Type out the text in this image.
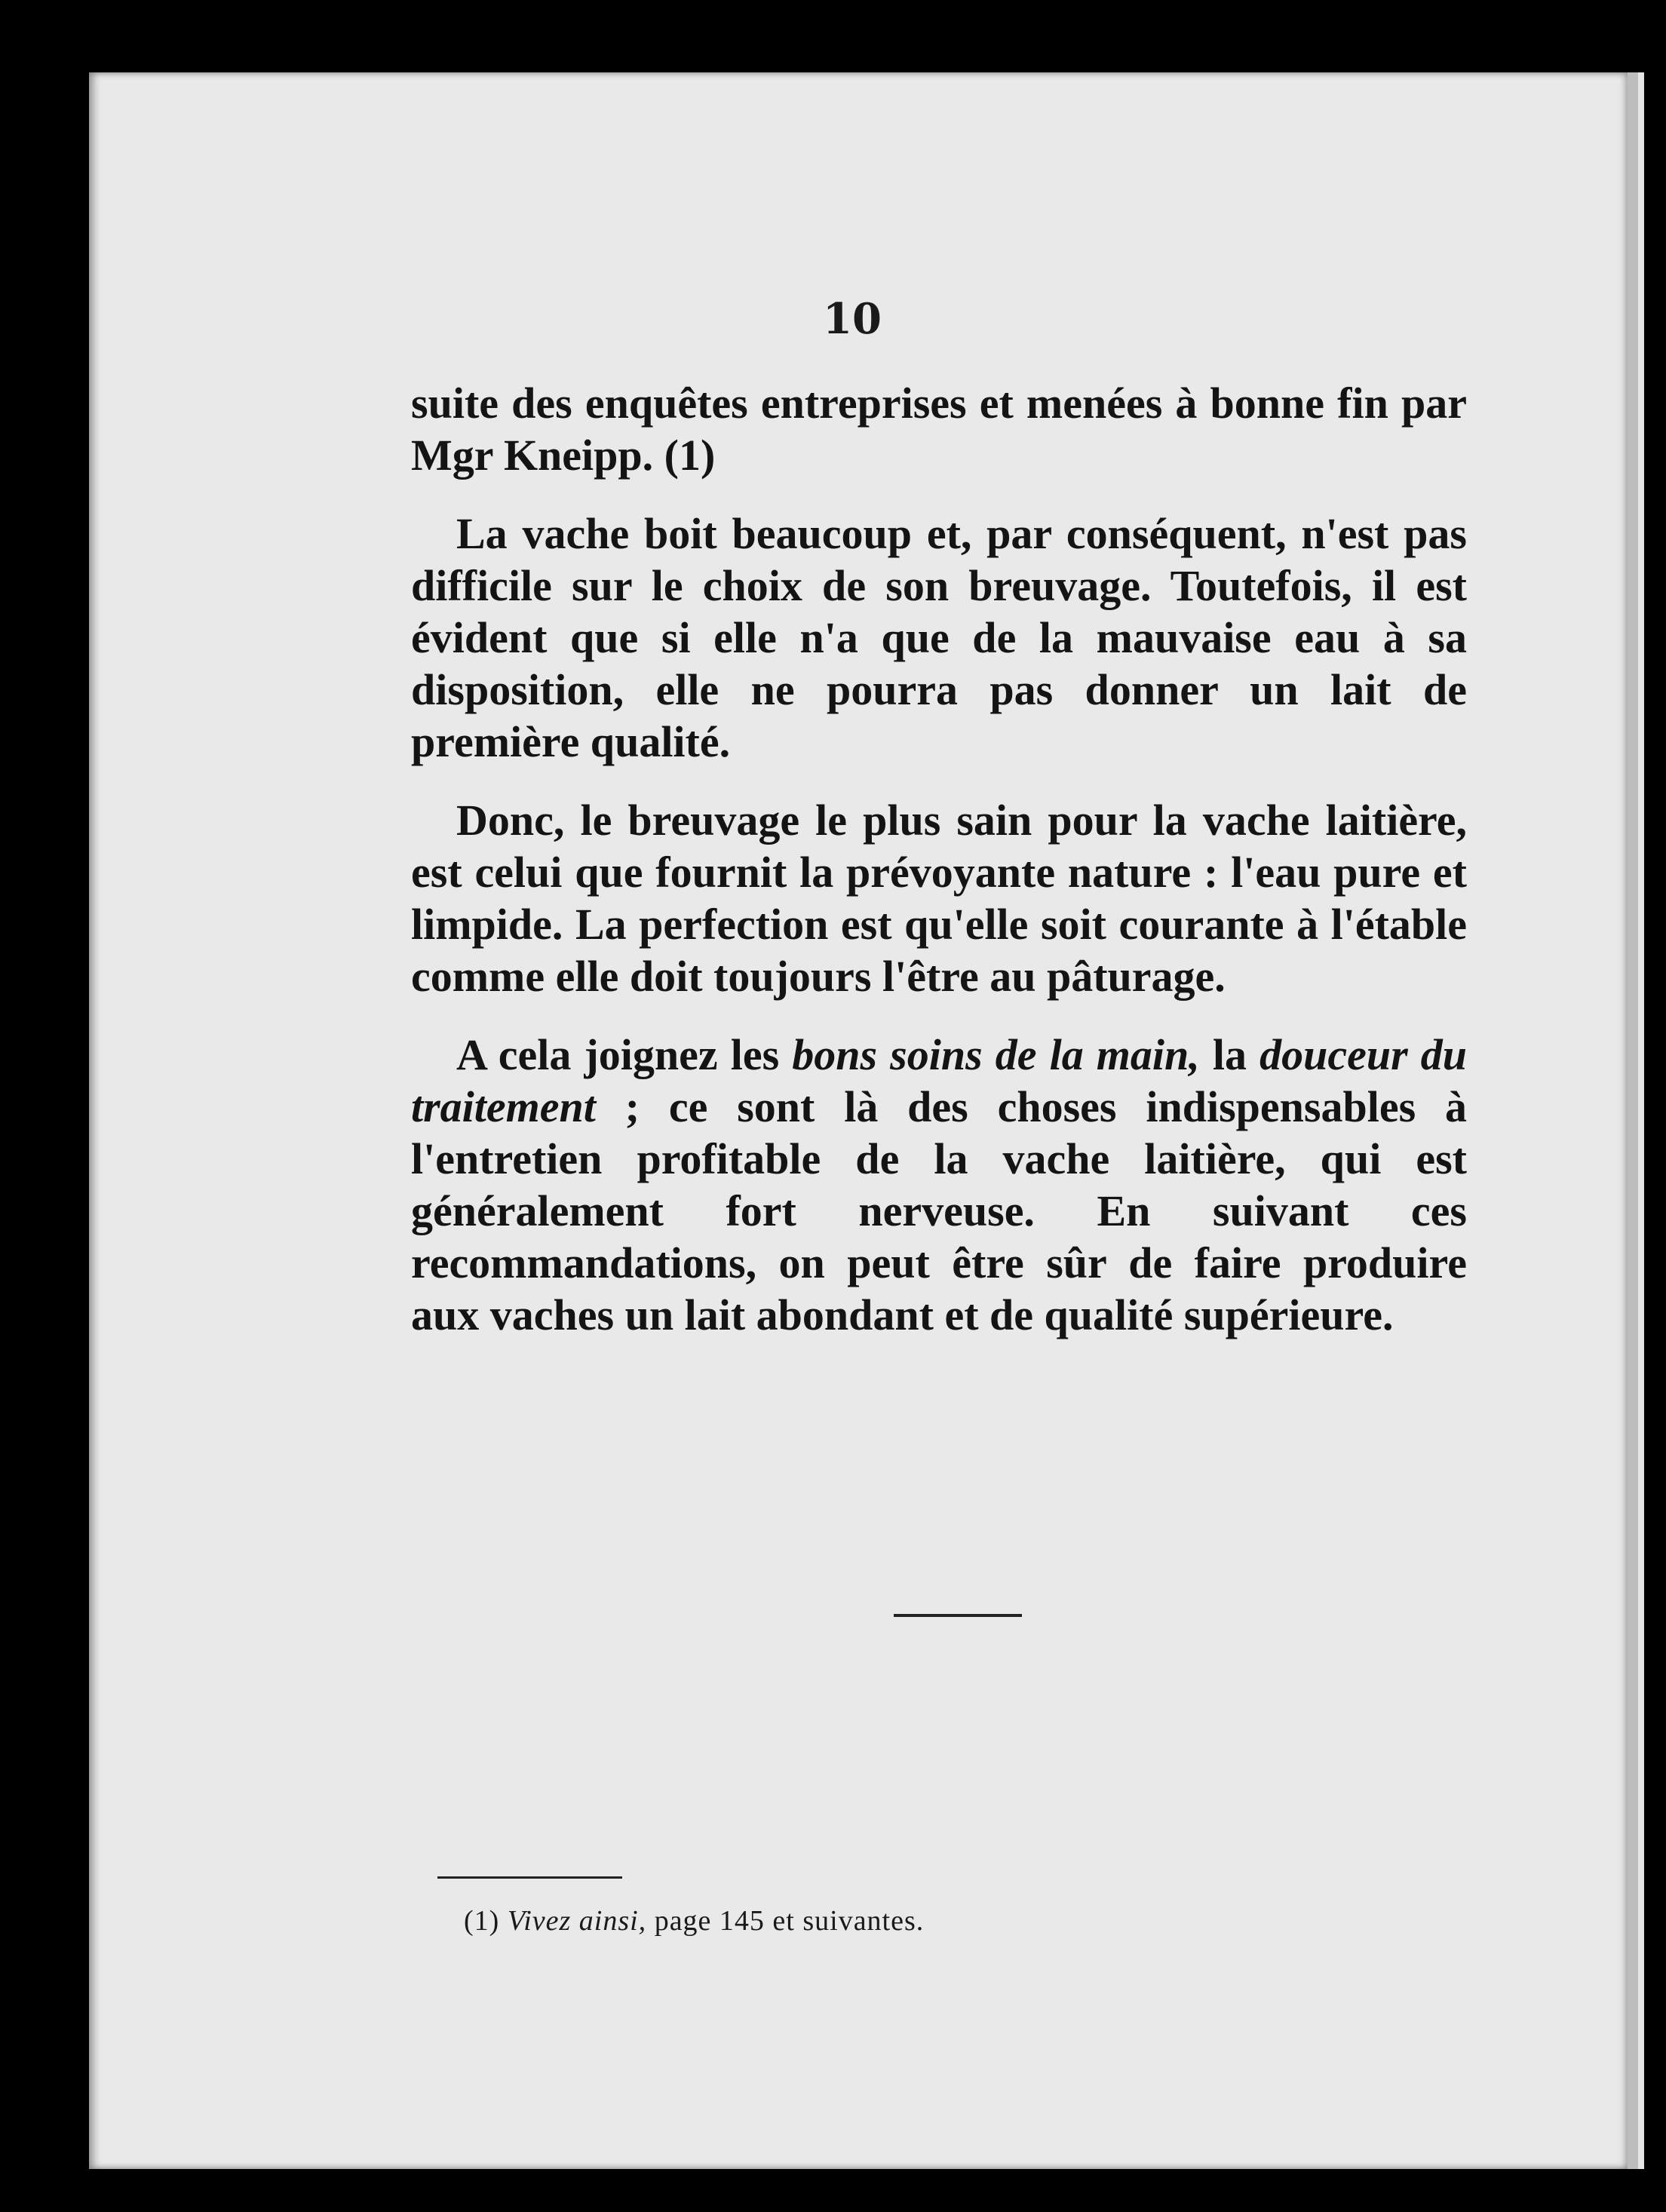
10

suite des enquêtes entreprises et menées à bonne fin par Mgr Kneipp. (1)

La vache boit beaucoup et, par conséquent, n'est pas difficile sur le choix de son breuvage. Toutefois, il est évident que si elle n'a que de la mauvaise eau à sa disposition, elle ne pourra pas donner un lait de première qualité.

Donc, le breuvage le plus sain pour la vache laitière, est celui que fournit la prévoyante nature : l'eau pure et limpide. La perfection est qu'elle soit courante à l'étable comme elle doit toujours l'être au pâturage.

A cela joignez les bons soins de la main, la douceur du traitement ; ce sont là des choses indispensables à l'entretien profitable de la vache laitière, qui est généralement fort nerveuse. En suivant ces recommandations, on peut être sûr de faire produire aux vaches un lait abondant et de qualité supérieure.

(1) Vivez ainsi, page 145 et suivantes.
